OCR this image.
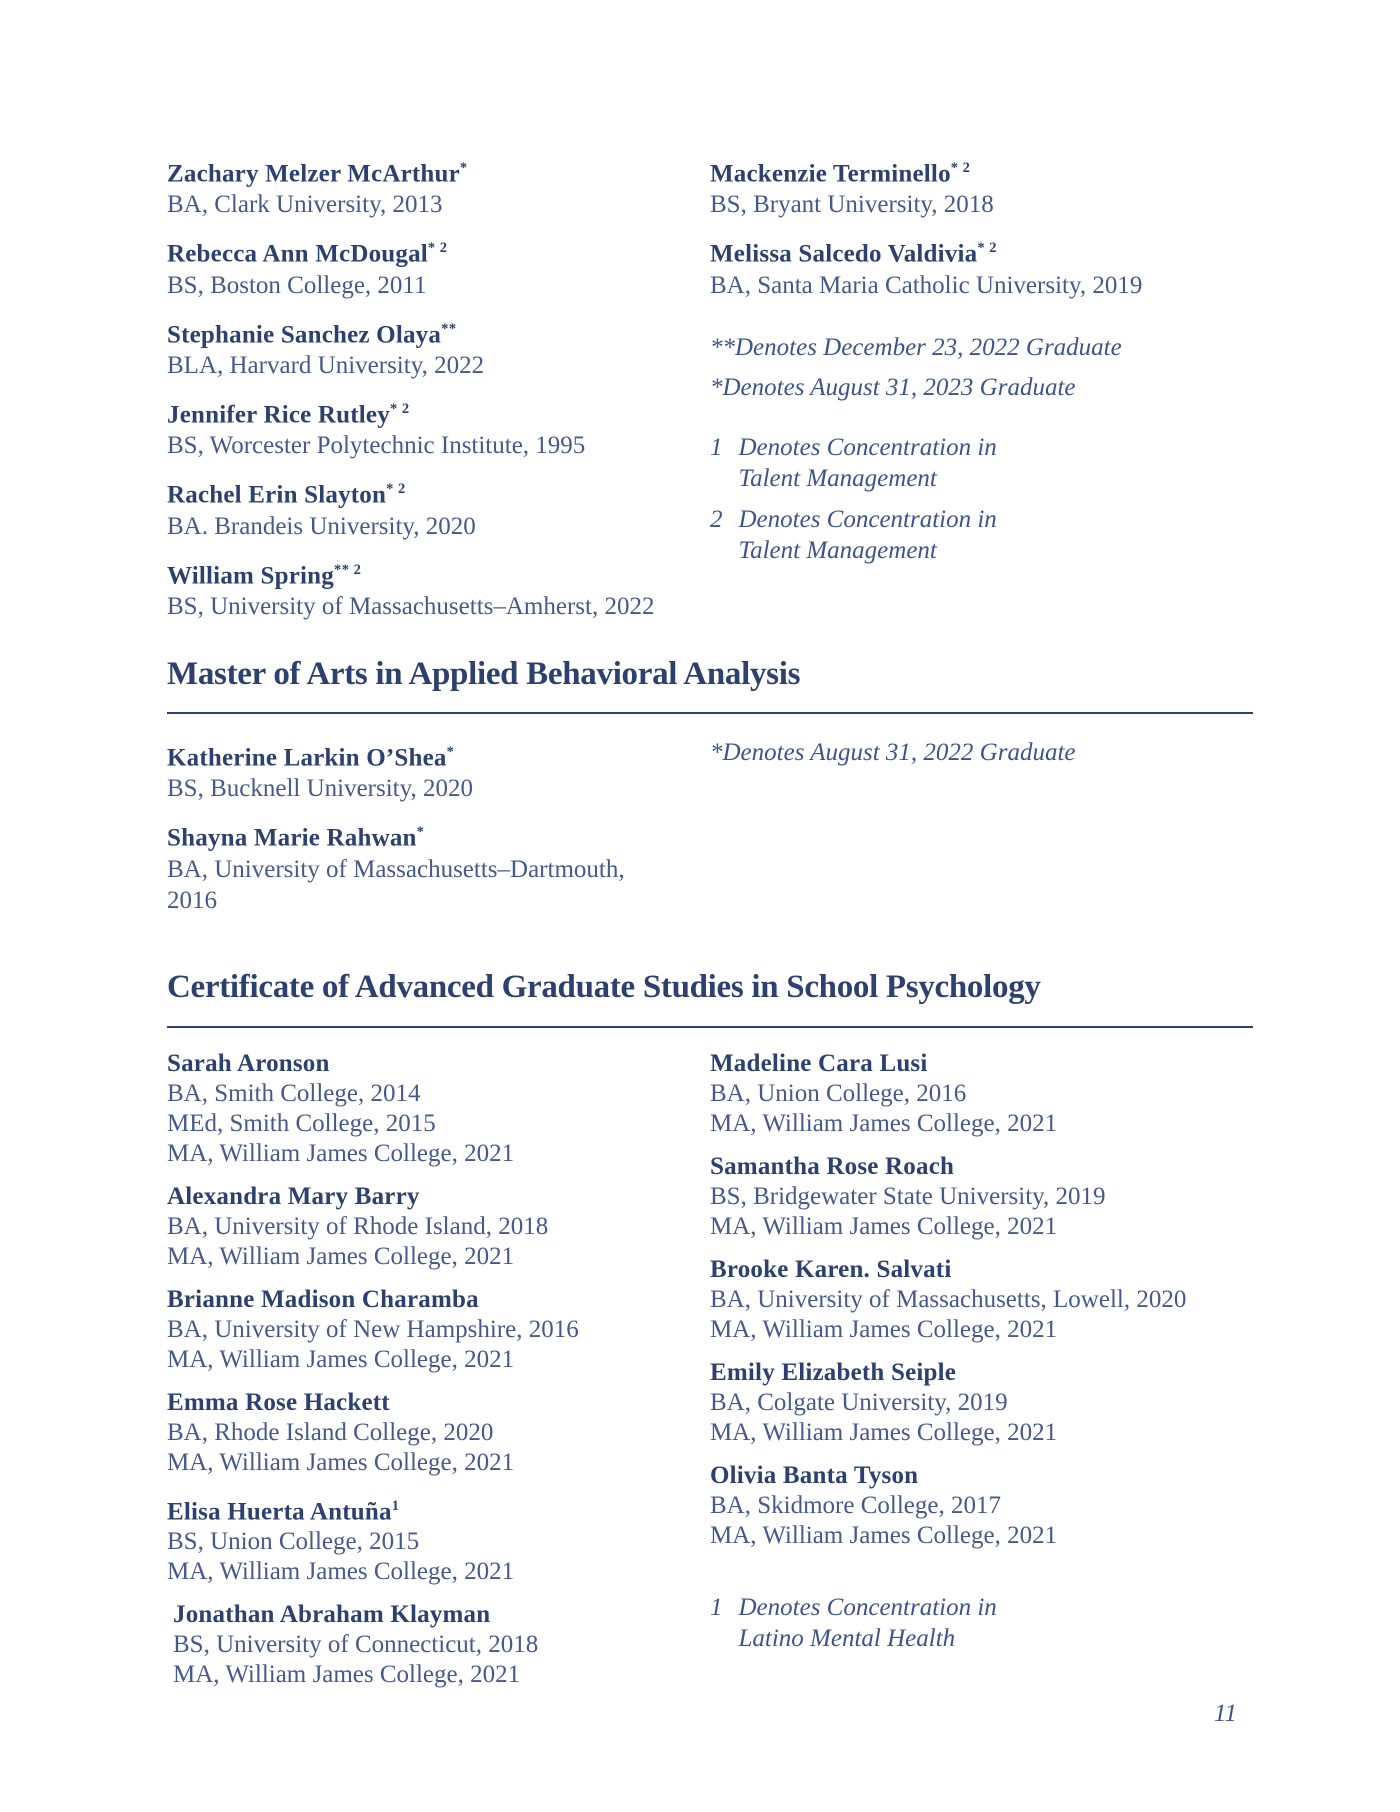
Zachary Melzer McArthur*
BA, Clark University, 2013
Rebecca Ann McDougal$^{* 2}$
BS, Boston College, 2011
Stephanie Sanchez Olaya**
BLA, Harvard University, 2022
Jennifer Rice Rutley$^{* 2}$
BS, Worcester Polytechnic Institute, 1995
Rachel Erin Slayton$^{* 2}$
BA. Brandeis University, 2020
William Spring$^{** 2}$
BS, University of Massachusetts–Amherst, 2022
Mackenzie Terminello$^{* 2}$
BS, Bryant University, 2018
Melissa Salcedo Valdivia$^{* 2}$
BA, Santa Maria Catholic University, 2019

**Denotes December 23, 2022 Graduate

*Denotes August 31, 2023 Graduate

1 Denotes Concentration in
Talent Management
2 Denotes Concentration in
Talent Management
Master of Arts in Applied Behavioral Analysis
Katherine Larkin O’Shea*
BS, Bucknell University, 2020
Shayna Marie Rahwan*
BA, University of Massachusetts–Dartmouth,
2016

*Denotes August 31, 2022 Graduate

Certificate of Advanced Graduate Studies in School Psychology
Sarah Aronson
BA, Smith College, 2014
MEd, Smith College, 2015
MA, William James College, 2021
Alexandra Mary Barry
BA, University of Rhode Island, 2018
MA, William James College, 2021
Brianne Madison Charamba
BA, University of New Hampshire, 2016
MA, William James College, 2021
Emma Rose Hackett
BA, Rhode Island College, 2020
MA, William James College, 2021
Elisa Huerta Antuña$^1$
BS, Union College, 2015
MA, William James College, 2021
Jonathan Abraham Klayman
BS, University of Connecticut, 2018
MA, William James College, 2021
Madeline Cara Lusi
BA, Union College, 2016
MA, William James College, 2021
Samantha Rose Roach
BS, Bridgewater State University, 2019
MA, William James College, 2021
Brooke Karen. Salvati
BA, University of Massachusetts, Lowell, 2020
MA, William James College, 2021
Emily Elizabeth Seiple
BA, Colgate University, 2019
MA, William James College, 2021
Olivia Banta Tyson
BA, Skidmore College, 2017
MA, William James College, 2021
1 Denotes Concentration in
Latino Mental Health
11
